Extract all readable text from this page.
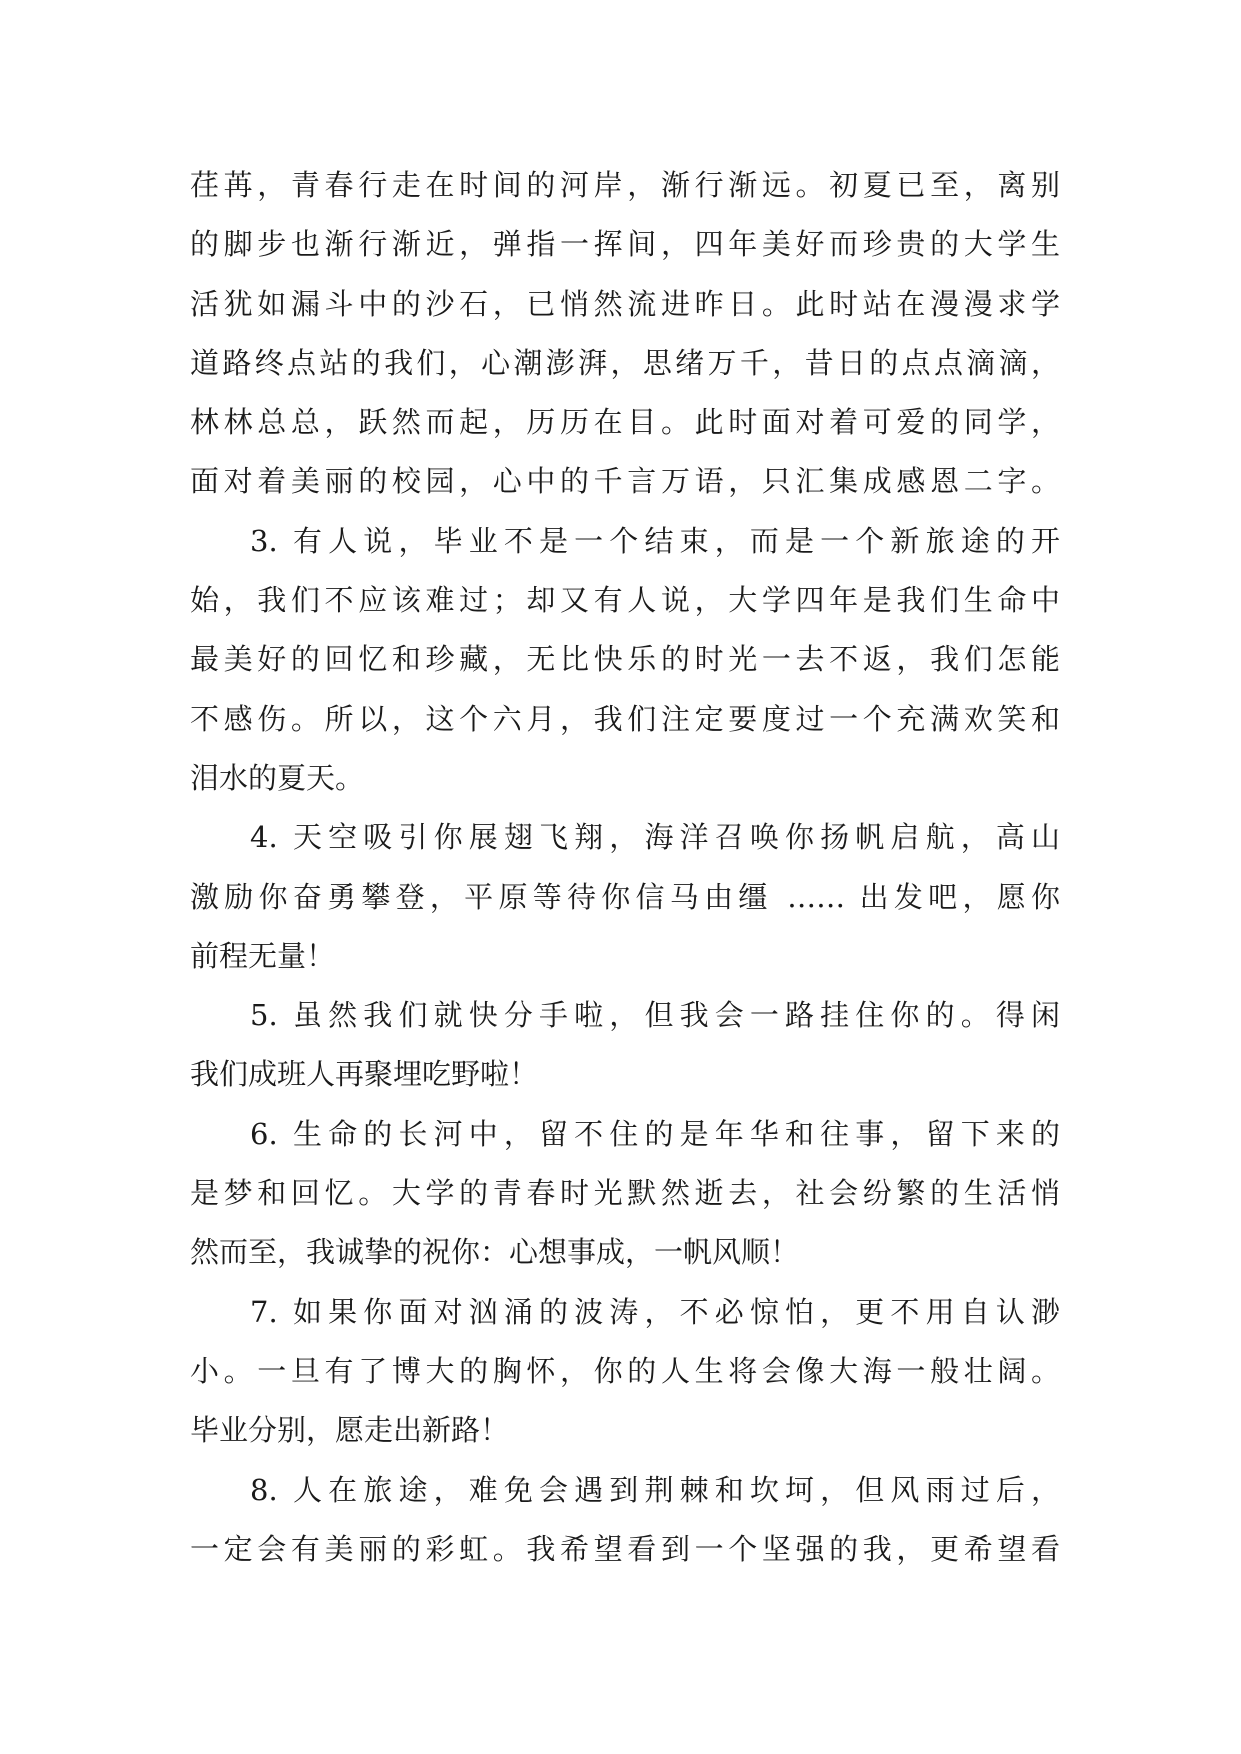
荏苒，青春行走在时间的河岸，渐行渐远。初夏已至，离别
的脚步也渐行渐近，弹指一挥间，四年美好而珍贵的大学生
活犹如漏斗中的沙石，已悄然流进昨日。此时站在漫漫求学
道路终点站的我们，心潮澎湃，思绪万千，昔日的点点滴滴，
林林总总，跃然而起，历历在目。此时面对着可爱的同学，
面对着美丽的校园，心中的千言万语，只汇集成感恩二字。
3. 有人说，毕业不是一个结束，而是一个新旅途的开
始，我们不应该难过；却又有人说，大学四年是我们生命中
最美好的回忆和珍藏，无比快乐的时光一去不返，我们怎能
不感伤。所以，这个六月，我们注定要度过一个充满欢笑和
泪水的夏天。
4. 天空吸引你展翅飞翔，海洋召唤你扬帆启航，高山
激励你奋勇攀登，平原等待你信马由缰 …… 出发吧，愿你
前程无量！
5. 虽然我们就快分手啦，但我会一路挂住你的。得闲
我们成班人再聚埋吃野啦！
6. 生命的长河中，留不住的是年华和往事，留下来的
是梦和回忆。大学的青春时光默然逝去，社会纷繁的生活悄
然而至，我诚挚的祝你：心想事成，一帆风顺！
7. 如果你面对汹涌的波涛，不必惊怕，更不用自认渺
小。一旦有了博大的胸怀，你的人生将会像大海一般壮阔。
毕业分别，愿走出新路！
8. 人在旅途，难免会遇到荆棘和坎坷，但风雨过后，
一定会有美丽的彩虹。我希望看到一个坚强的我，更希望看
